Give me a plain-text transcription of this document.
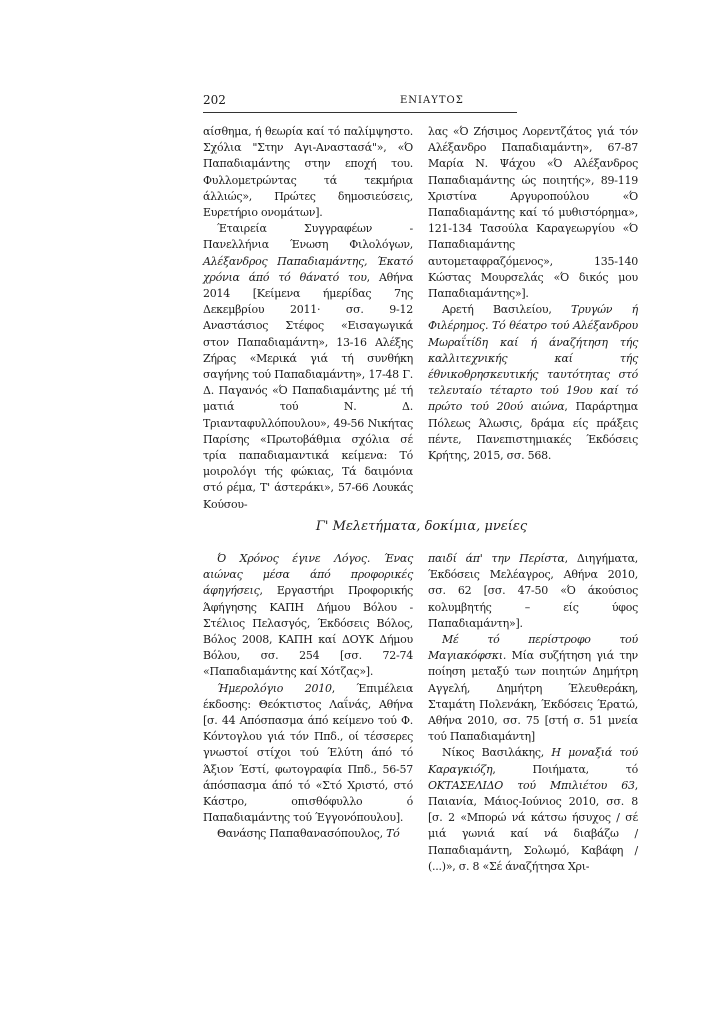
202	ΕΝΙΑΥΤΟΣ

αίσθημα, ή θεωρία καί τό παλίμψηστο. Σχόλια "Στην Αγι-Αναστασά"», «Ό Παπαδιαμάντης στην εποχή του. Φυλλομετρώντας τά τεκμήρια άλλιώς», Πρώτες δημοσιεύσεις, Ευρετήριο ονομάτων].

Έταιρεία Συγγραφέων - Πανελλήνια Ένωση Φιλολόγων, Αλέξανδρος Παπαδιαμάντης, Έκατό χρόνια άπό τό θάνατό του, Αθήνα 2014 [Κείμενα ήμερίδας 7ης Δεκεμβρίου 2011· σσ. 9-12 Αναστάσιος Στέφος «Εισαγωγικά στον Παπαδιαμάντη», 13-16 Αλέξης Ζήρας «Μερικά γιά τή συνθήκη σαγήνης τού Παπαδιαμάντη», 17-48 Γ. Δ. Παγανός «Ό Παπαδιαμάντης μέ τή ματιά τού Ν. Δ. Τριανταφυλλόπουλου», 49-56 Νικήτας Παρίσης «Πρωτοβάθμια σχόλια σέ τρία παπαδιαμαντικά κείμενα: Τό μοιρολόγι τής φώκιας, Τά δαιμόνια στό ρέμα, Τ' άστεράκι», 57-66 Λουκάς Κούσου-

λας «Ό Ζήσιμος Λορεντζάτος γιά τόν Αλέξανδρο Παπαδιαμάντη», 67-87 Μαρία Ν. Ψάχου «Ό Αλέξανδρος Παπαδιαμάντης ώς ποιητής», 89-119 Χριστίνα Αργυροπούλου «Ό Παπαδιαμάντης καί τό μυθιστόρημα», 121-134 Τασούλα Καραγεωργίου «Ό Παπαδιαμάντης αυτομεταφραζόμενος», 135-140 Κώστας Μουρσελάς «Ό δικός μου Παπαδιαμάντης»].

Αρετή Βασιλείου, Τρυγών ή Φιλέρημος. Τό θέατρο τού Αλέξανδρου Μωραΐτίδη καί ή άναζήτηση τής καλλιτεχνικής καί τής έθνικοθρησκευτικής ταυτότητας στό τελευταίο τέταρτο τού 19ου καί τό πρώτο τού 20ού αιώνα, Παράρτημα Πόλεως Άλωσις, δράμα είς πράξεις πέντε, Πανεπιστημιακές Έκδόσεις Κρήτης, 2015, σσ. 568.

Γ' Μελετήματα, δοκίμια, μνείες

Ό Χρόνος έγινε Λόγος. Ένας αιώνας μέσα άπό προφορικές άφηγήσεις, Εργαστήρι Προφορικής Άφήγησης ΚΑΠΗ Δήμου Βόλου - Στέλιος Πελασγός, Έκδόσεις Βόλος, Βόλος 2008, ΚΑΠΗ καί ΔΟΥΚ Δήμου Βόλου, σσ. 254 [σσ. 72-74 «Παπαδιαμάντης καί Χότζας»].

Ήμερολόγιο 2010, Έπιμέλεια έκδοσης: Θεόκτιστος Λαΐνάς, Αθήνα [σ. 44 Απόσπασμα άπό κείμενο τού Φ. Κόντογλου γιά τόν Ππδ., οί τέσσερες γνωστοί στίχοι τού Έλύτη άπό τό Άξιον Έστί, φωτογραφία Ππδ., 56-57 άπόσπασμα άπό τό «Στό Χριστό, στό Κάστρο, οπισθόφυλλο ό Παπαδιαμάντης τού Έγγονόπουλου].

Θανάσης Παπαθανασόπουλος, Τό

παιδί άπ' την Περίστα, Διηγήματα, Έκδόσεις Μελέαγρος, Αθήνα 2010, σσ. 62 [σσ. 47-50 «Ό άκούσιος κολυμβητής – είς ύφος Παπαδιαμάντη»].

Μέ τό περίστροφο τού Μαγιακόφσκι. Μία συζήτηση γιά την ποίηση μεταξύ των ποιητών Δημήτρη Αγγελή, Δημήτρη Έλευθεράκη, Σταμάτη Πολενάκη, Έκδόσεις Έρατώ, Αθήνα 2010, σσ. 75 [στή σ. 51 μνεία τού Παπαδιαμάντη]

Νίκος Βασιλάκης, Η μοναξιά τού Καραγκιόζη, Ποιήματα, τό ΟΚΤΑΣΕΛΙΔΟ τού Μπιλιέτου 63, Παιανία, Μάιος-Ιούνιος 2010, σσ. 8 [σ. 2 «Μπορώ νά κάτσω ήσυχος / σέ μιά γωνιά καί νά διαβάζω / Παπαδιαμάντη, Σολωμό, Καβάφη / (...)», σ. 8 «Σέ άναζήτησα Χρι-
